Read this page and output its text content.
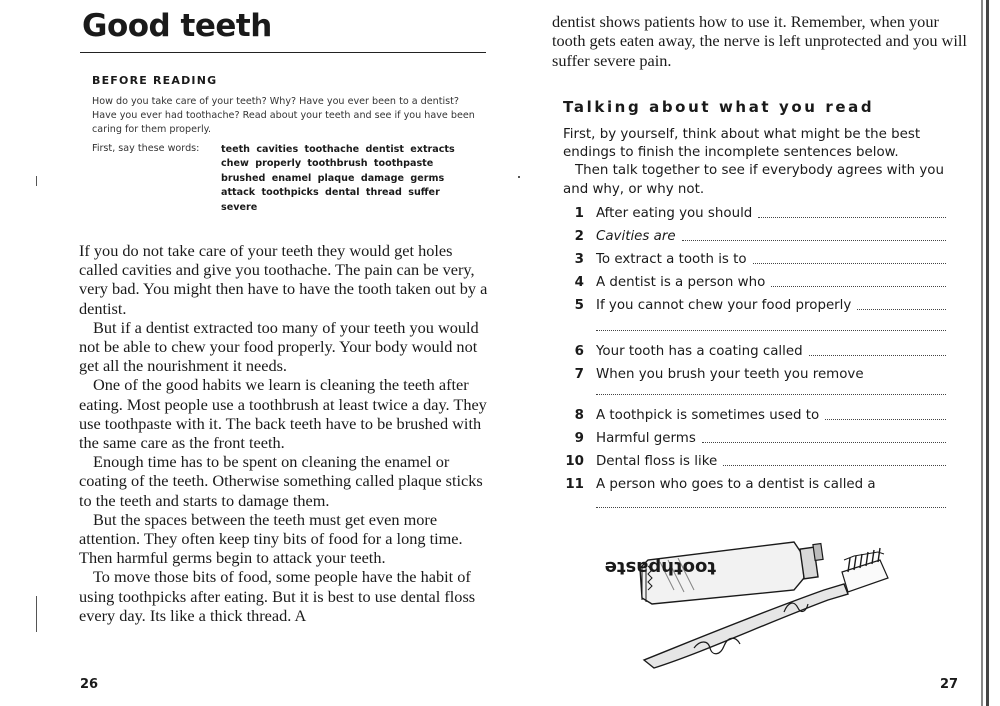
Good teeth
BEFORE READING
How do you take care of your teeth? Why? Have you ever been to a dentist? Have you ever had toothache? Read about your teeth and see if you have been caring for them properly.
First, say these words: teeth cavities toothache dentist extracts
chew properly toothbrush toothpaste
brushed enamel plaque damage germs
attack toothpicks dental thread suffer
severe

If you do not take care of your teeth they would get holes called cavities and give you toothache. The pain can be very, very bad. You might then have to have the tooth taken out by a dentist.

But if a dentist extracted too many of your teeth you would not be able to chew your food properly. Your body would not get all the nourishment it needs.

One of the good habits we learn is cleaning the teeth after eating. Most people use a toothbrush at least twice a day. They use toothpaste with it. The back teeth have to be brushed with the same care as the front teeth.

Enough time has to be spent on cleaning the enamel or coating of the teeth. Otherwise something called plaque sticks to the teeth and starts to damage them.

But the spaces between the teeth must get even more attention. They often keep tiny bits of food for a long time. Then harmful germs begin to attack your teeth.

To move those bits of food, some people have the habit of using toothpicks after eating. But it is best to use dental floss every day. Its like a thick thread. A

26
dentist shows patients how to use it. Remember, when your tooth gets eaten away, the nerve is left unprotected and you will suffer severe pain.
Talking about what you read

First, by yourself, think about what might be the best endings to finish the incomplete sentences below.

Then talk together to see if everybody agrees with you and why, or why not.

1 After eating you should
2 Cavities are
3 To extract a tooth is to
4 A dentist is a person who
5 If you cannot chew your food properly
6 Your tooth has a coating called
7 When you brush your teeth you remove
8 A toothpick is sometimes used to
9 Harmful germs
10 Dental floss is like
11 A person who goes to a dentist is called a
toothpaste
27
